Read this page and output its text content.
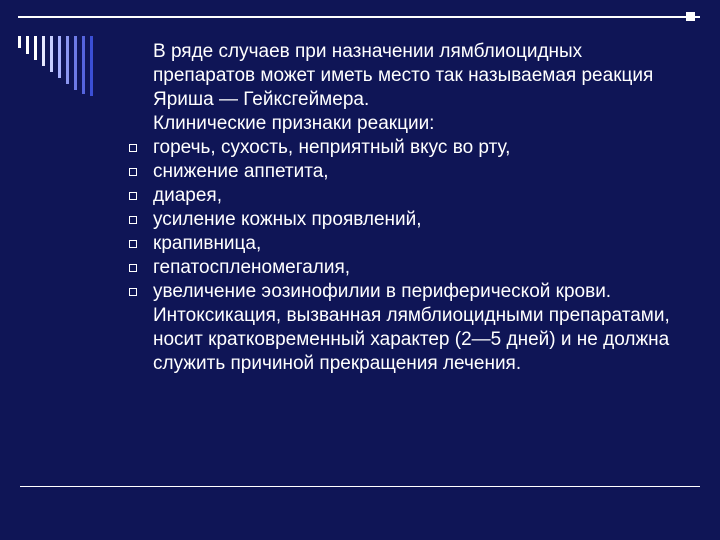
В ряде случаев при назначении лямблиоцидных препаратов может иметь место так называемая реакция Яриша — Гейксгеймера.

Клинические признаки реакции:

горечь, сухость, неприятный вкус во рту,
снижение аппетита,
диарея,
усиление кожных проявлений,
крапивница,
гепатоспленомегалия,
увеличение эозинофилии в периферической крови.

Интоксикация, вызванная лямблиоцидными препаратами, носит кратковременный характер (2—5 дней) и не должна служить причиной прекращения лечения.
